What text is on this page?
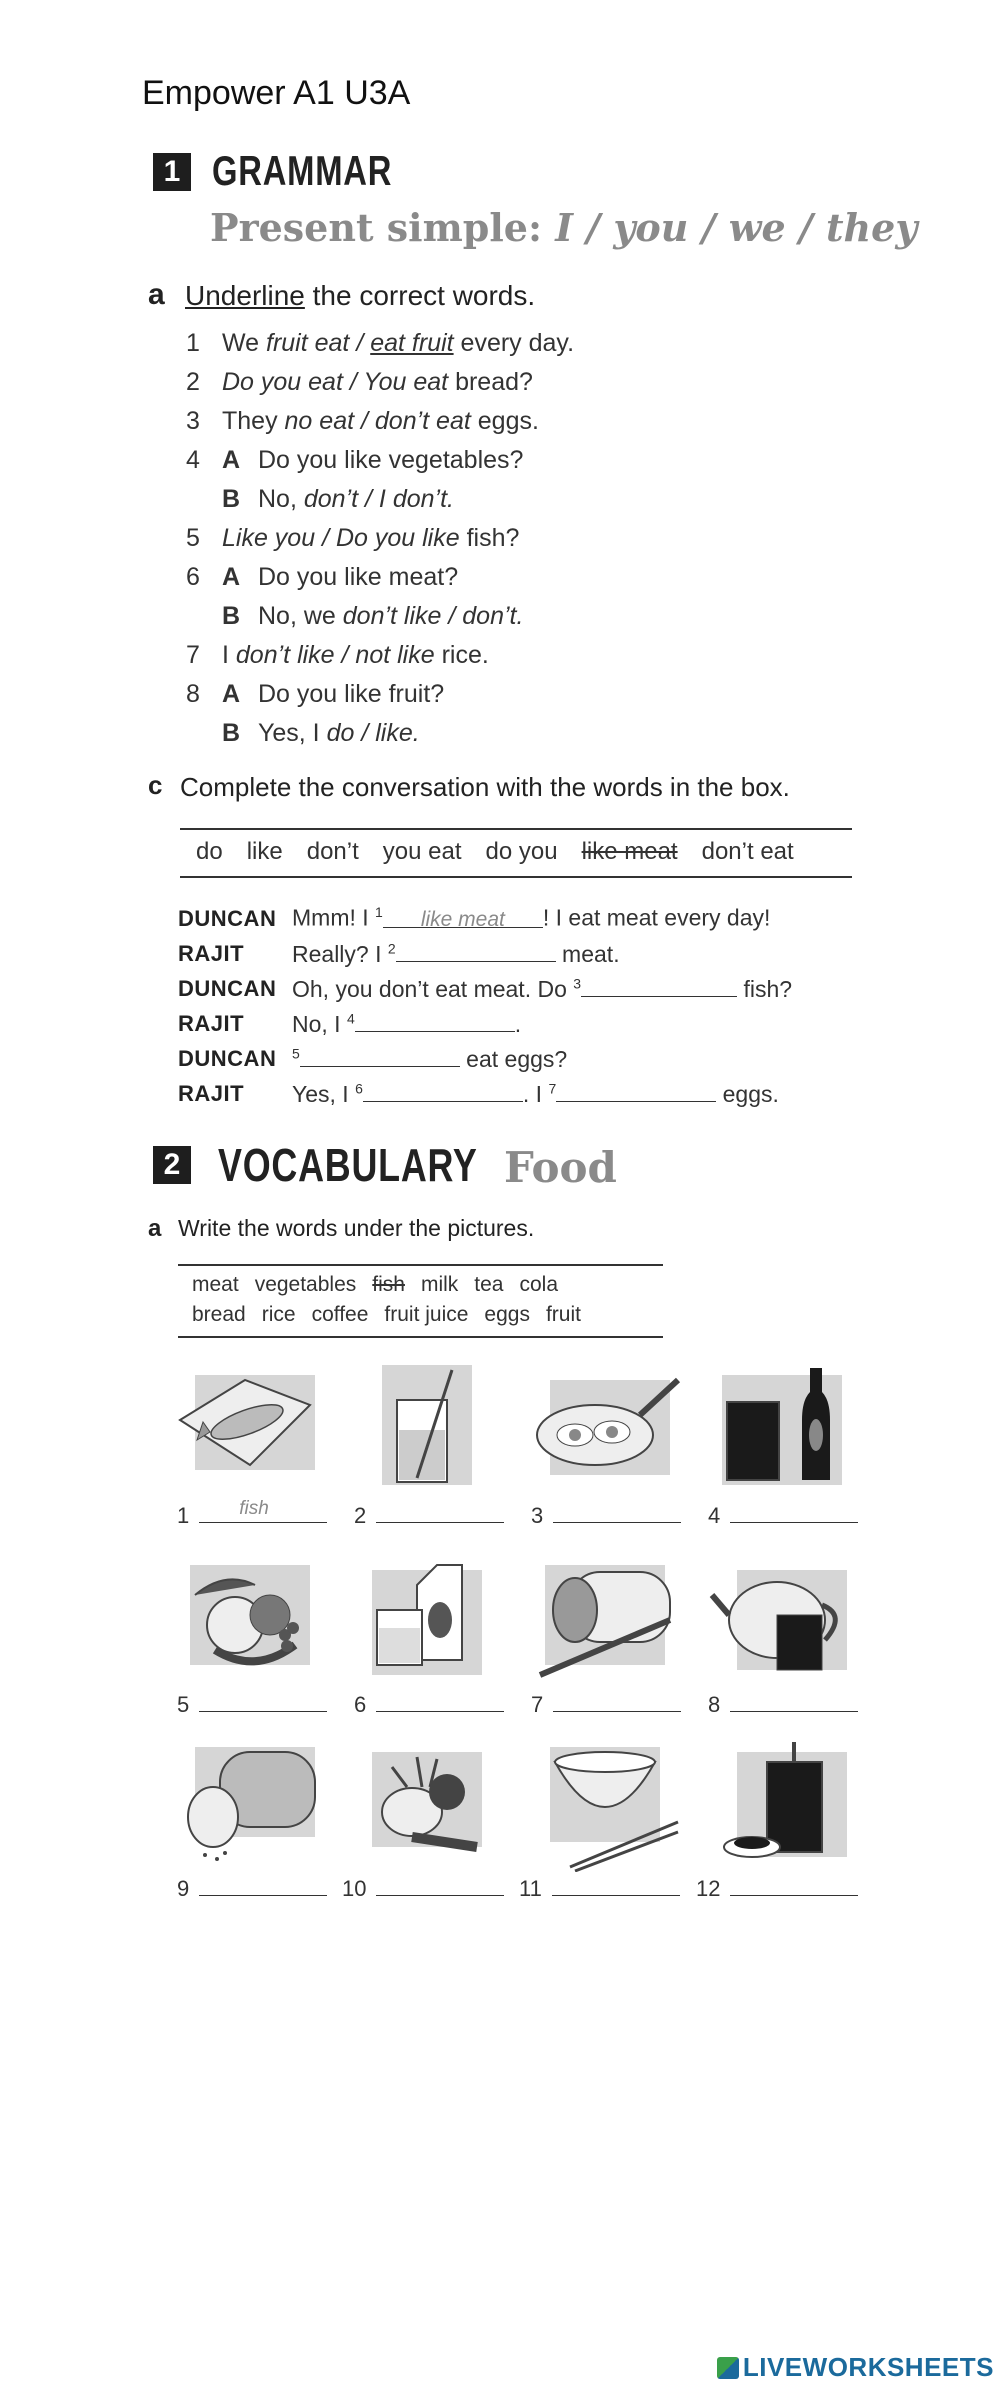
Empower A1 U3A
1 GRAMMAR
Present simple: I / you / we / they
a Underline the correct words.
1 We fruit eat / eat fruit every day.
2 Do you eat / You eat bread?
3 They no eat / don’t eat eggs.
4 A Do you like vegetables?
B No, don’t / I don’t.
5 Like you / Do you like fish?
6 A Do you like meat?
B No, we don’t like / don’t.
7 I don’t like / not like rice.
8 A Do you like fruit?
B Yes, I do / like.
c Complete the conversation with the words in the box.
do like don’t you eat do you like meat don’t eat
DUNCAN Mmm! I $^1$ like meat ! I eat meat every day!
RAJIT Really? I $^2$	meat.
DUNCAN Oh, you don’t eat meat. Do $^3$	fish?
RAJIT No, I $^4$	.
DUNCAN $^5$	eat eggs?
RAJIT Yes, I $^6$	. I $^7$	eggs.
2 VOCABULARY Food
a Write the words under the pictures.
meat vegetables fish milk tea cola
bread rice coffee fruit juice eggs fruit
1	fish	2	3	4
5	6	7	8
9	10	11	12
LIVEWORKSHEETS
